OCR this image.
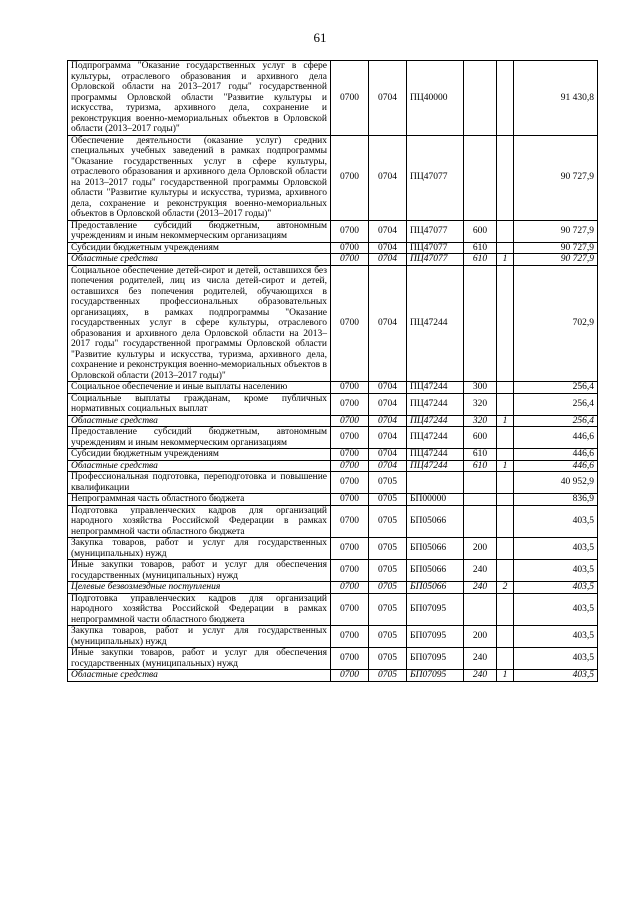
61
Подпрограмма "Оказание государственных услуг в сфере культуры, отраслевого образования и архивного дела Орловской области на 2013–2017 годы" государственной программы Орловской области "Развитие культуры и искусства, туризма, архивного дела, сохранение и реконструкция военно-мемориальных объектов в Орловской области (2013–2017 годы)"	0700	0704	ПЦ40000			91 430,8
Обеспечение деятельности (оказание услуг) средних специальных учебных заведений в рамках подпрограммы "Оказание государственных услуг в сфере культуры, отраслевого образования и архивного дела Орловской области на 2013–2017 годы" государственной программы Орловской области "Развитие культуры и искусства, туризма, архивного дела, сохранение и реконструкция военно-мемориальных объектов в Орловской области (2013–2017 годы)"	0700	0704	ПЦ47077			90 727,9
Предоставление субсидий бюджетным, автономным учреждениям и иным некоммерческим организациям	0700	0704	ПЦ47077	600		90 727,9
Субсидии бюджетным учреждениям	0700	0704	ПЦ47077	610		90 727,9
Областные средства	0700	0704	ПЦ47077	610	1	90 727,9
Социальное обеспечение детей-сирот и детей, оставшихся без попечения родителей, лиц из числа детей-сирот и детей, оставшихся без попечения родителей, обучающихся в государственных профессиональных образовательных организациях, в рамках подпрограммы "Оказание государственных услуг в сфере культуры, отраслевого образования и архивного дела Орловской области на 2013–2017 годы" государственной программы Орловской области "Развитие культуры и искусства, туризма, архивного дела, сохранение и реконструкция военно-мемориальных объектов в Орловской области (2013–2017 годы)"	0700	0704	ПЦ47244			702,9
Социальное обеспечение и иные выплаты населению	0700	0704	ПЦ47244	300		256,4
Социальные выплаты гражданам, кроме публичных нормативных социальных выплат	0700	0704	ПЦ47244	320		256,4
Областные средства	0700	0704	ПЦ47244	320	1	256,4
Предоставление субсидий бюджетным, автономным учреждениям и иным некоммерческим организациям	0700	0704	ПЦ47244	600		446,6
Субсидии бюджетным учреждениям	0700	0704	ПЦ47244	610		446,6
Областные средства	0700	0704	ПЦ47244	610	1	446,6
Профессиональная подготовка, переподготовка и повышение квалификации	0700	0705				40 952,9
Непрограммная часть областного бюджета	0700	0705	БП00000			836,9
Подготовка управленческих кадров для организаций народного хозяйства Российской Федерации в рамках непрограммной части областного бюджета	0700	0705	БП05066			403,5
Закупка товаров, работ и услуг для государственных (муниципальных) нужд	0700	0705	БП05066	200		403,5
Иные закупки товаров, работ и услуг для обеспечения государственных (муниципальных) нужд	0700	0705	БП05066	240		403,5
Целевые безвозмездные поступления	0700	0705	БП05066	240	2	403,5
Подготовка управленческих кадров для организаций народного хозяйства Российской Федерации в рамках непрограммной части областного бюджета	0700	0705	БП07095			403,5
Закупка товаров, работ и услуг для государственных (муниципальных) нужд	0700	0705	БП07095	200		403,5
Иные закупки товаров, работ и услуг для обеспечения государственных (муниципальных) нужд	0700	0705	БП07095	240		403,5
Областные средства	0700	0705	БП07095	240	1	403,5
